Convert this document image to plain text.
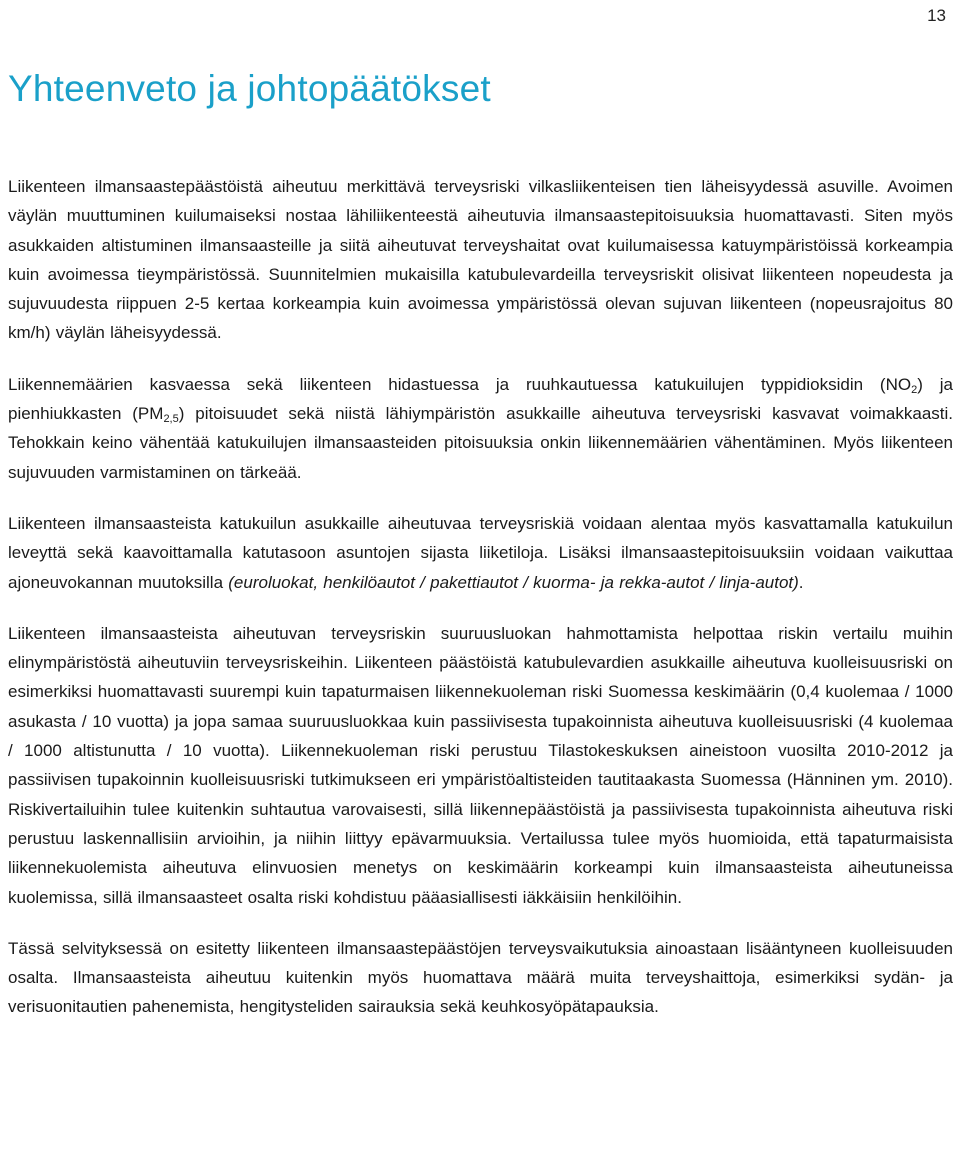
13
Yhteenveto ja johtopäätökset

Liikenteen ilmansaastepäästöistä aiheutuu merkittävä terveysriski vilkasliikenteisen tien läheisyydessä asuville. Avoimen väylän muuttuminen kuilumaiseksi nostaa lähiliikenteestä aiheutuvia ilmansaastepitoisuuksia huomattavasti. Siten myös asukkaiden altistuminen ilmansaasteille ja siitä aiheutuvat terveyshaitat ovat kuilumaisessa katuympäristöissä korkeampia kuin avoimessa tieympäristössä. Suunnitelmien mukaisilla katubulevardeilla terveysriskit olisivat liikenteen nopeudesta ja sujuvuudesta riippuen 2-5 kertaa korkeampia kuin avoimessa ympäristössä olevan sujuvan liikenteen (nopeusrajoitus 80 km/h) väylän läheisyydessä.

Liikennemäärien kasvaessa sekä liikenteen hidastuessa ja ruuhkautuessa katukuilujen typpidioksidin $(NO_2)$ ja pienhiukkasten $(PM_{2,5})$ pitoisuudet sekä niistä lähiympäristön asukkaille aiheutuva terveysriski kasvavat voimakkaasti. Tehokkain keino vähentää katukuilujen ilmansaasteiden pitoisuuksia onkin liikennemäärien vähentäminen. Myös liikenteen sujuvuuden varmistaminen on tärkeää.

Liikenteen ilmansaasteista katukuilun asukkaille aiheutuvaa terveysriskiä voidaan alentaa myös kasvattamalla katukuilun leveyttä sekä kaavoittamalla katutasoon asuntojen sijasta liiketiloja. Lisäksi ilmansaastepitoisuuksiin voidaan vaikuttaa ajoneuvokannan muutoksilla (euroluokat, henkilöautot / pakettiautot / kuorma- ja rekka-autot / linja-autot).

Liikenteen ilmansaasteista aiheutuvan terveysriskin suuruusluokan hahmottamista helpottaa riskin vertailu muihin elinympäristöstä aiheutuviin terveysriskeihin. Liikenteen päästöistä katubulevardien asukkaille aiheutuva kuolleisuusriski on esimerkiksi huomattavasti suurempi kuin tapaturmaisen liikennekuoleman riski Suomessa keskimäärin (0,4 kuolemaa / 1000 asukasta / 10 vuotta) ja jopa samaa suuruusluokkaa kuin passiivisesta tupakoinnista aiheutuva kuolleisuusriski (4 kuolemaa / 1000 altistunutta / 10 vuotta). Liikennekuoleman riski perustuu Tilastokeskuksen aineistoon vuosilta 2010-2012 ja passiivisen tupakoinnin kuolleisuusriski tutkimukseen eri ympäristöaltisteiden tautitaakasta Suomessa (Hänninen ym. 2010). Riskivertailuihin tulee kuitenkin suhtautua varovaisesti, sillä liikennepäästöistä ja passiivisesta tupakoinnista aiheutuva riski perustuu laskennallisiin arvioihin, ja niihin liittyy epävarmuuksia. Vertailussa tulee myös huomioida, että tapaturmaisista liikennekuolemista aiheutuva elinvuosien menetys on keskimäärin korkeampi kuin ilmansaasteista aiheutuneissa kuolemissa, sillä ilmansaasteet osalta riski kohdistuu pääasiallisesti iäkkäisiin henkilöihin.

Tässä selvityksessä on esitetty liikenteen ilmansaastepäästöjen terveysvaikutuksia ainoastaan lisääntyneen kuolleisuuden osalta. Ilmansaasteista aiheutuu kuitenkin myös huomattava määrä muita terveyshaittoja, esimerkiksi sydän- ja verisuonitautien pahenemista, hengitysteliden sairauksia sekä keuhkosyöpätapauksia.
